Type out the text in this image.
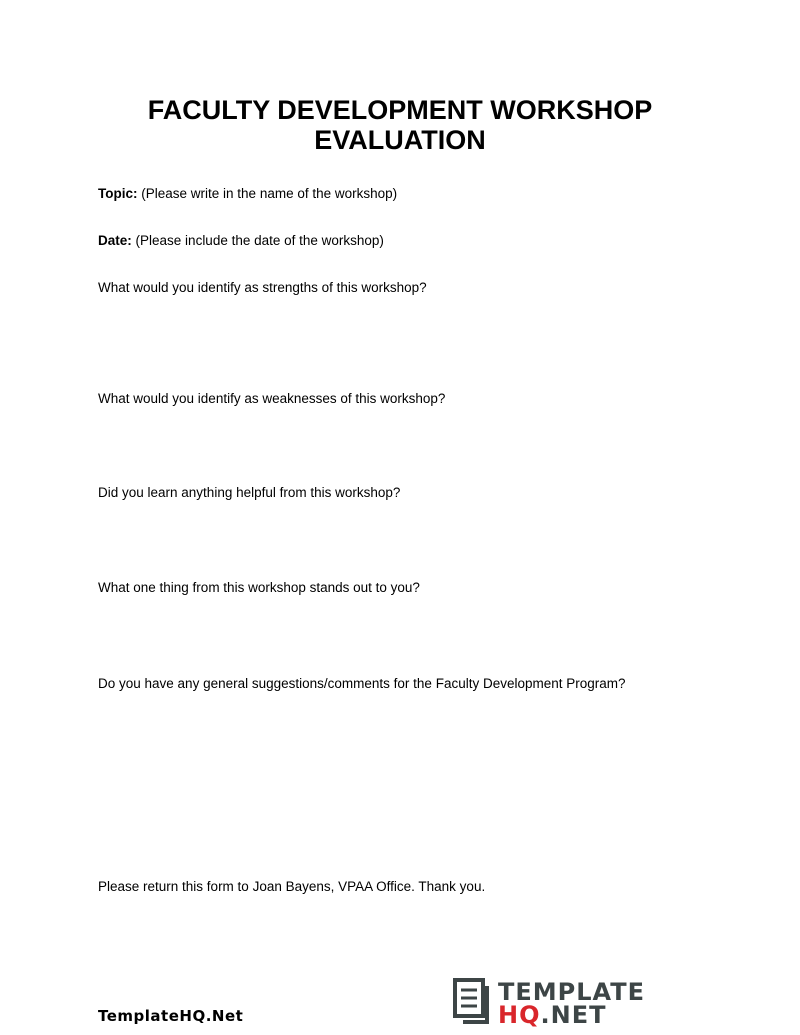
FACULTY DEVELOPMENT WORKSHOP
EVALUATION
Topic: (Please write in the name of the workshop)
Date: (Please include the date of the workshop)
What would you identify as strengths of this workshop?
What would you identify as weaknesses of this workshop?
Did you learn anything helpful from this workshop?
What one thing from this workshop stands out to you?
Do you have any general suggestions/comments for the Faculty Development Program?
Please return this form to Joan Bayens, VPAA Office. Thank you.
TemplateHQ.Net
TEMPLATE
HQ.NET
